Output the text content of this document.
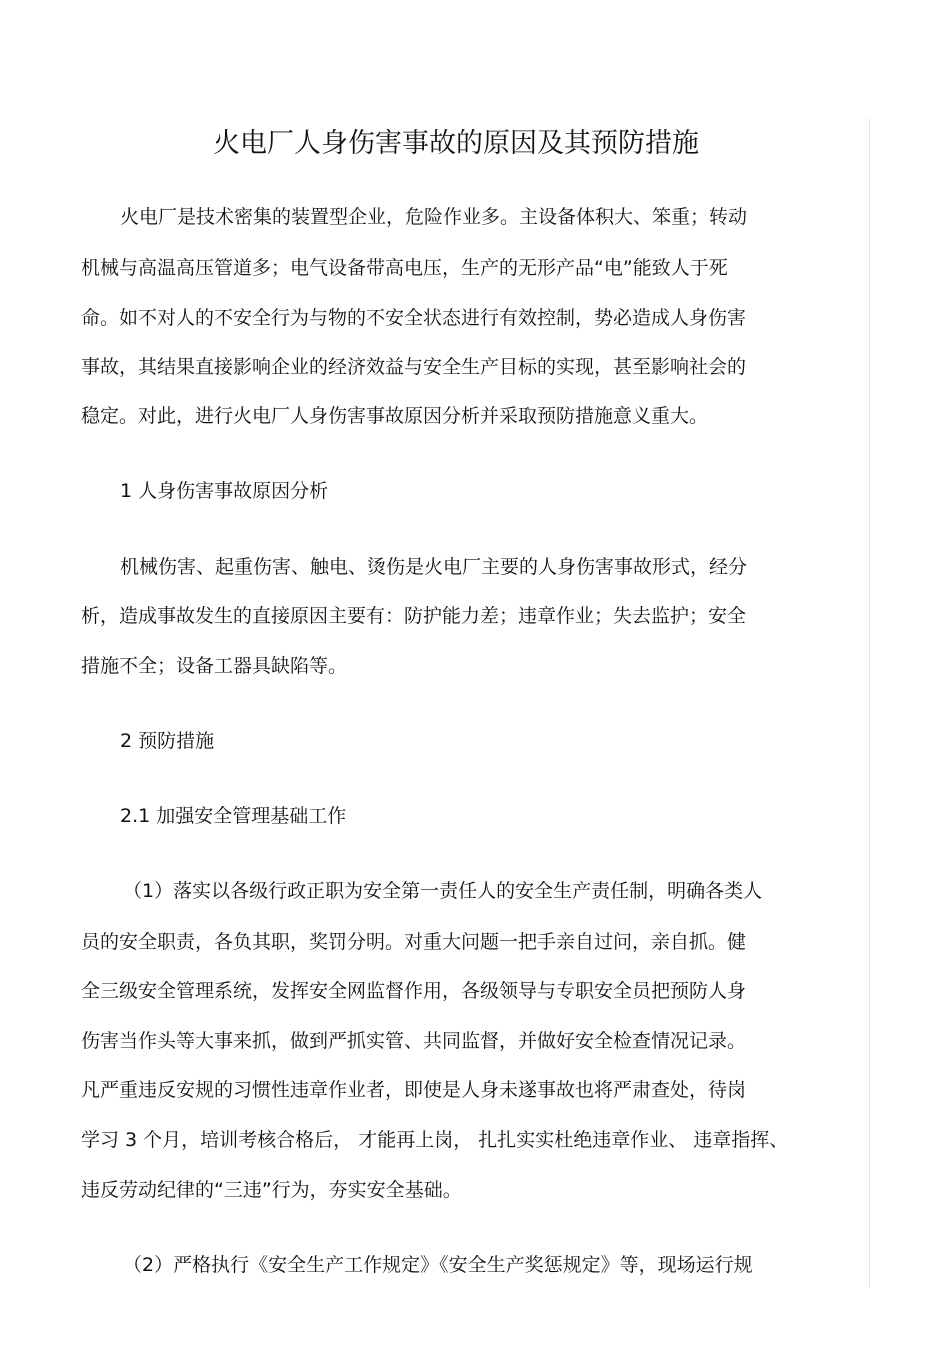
火电厂人身伤害事故的原因及其预防措施
火电厂是技术密集的装置型企业，危险作业多。主设备体积大、笨重；转动
机械与高温高压管道多；电气设备带高电压，生产的无形产品“电”能致人于死
命。如不对人的不安全行为与物的不安全状态进行有效控制，势必造成人身伤害
事故，其结果直接影响企业的经济效益与安全生产目标的实现，甚至影响社会的
稳定。对此，进行火电厂人身伤害事故原因分析并采取预防措施意义重大。
1 人身伤害事故原因分析
机械伤害、起重伤害、触电、烫伤是火电厂主要的人身伤害事故形式，经分
析，造成事故发生的直接原因主要有：防护能力差；违章作业；失去监护；安全
措施不全；设备工器具缺陷等。
2 预防措施
2.1 加强安全管理基础工作
（1）落实以各级行政正职为安全第一责任人的安全生产责任制，明确各类人
员的安全职责，各负其职，奖罚分明。对重大问题一把手亲自过问，亲自抓。健
全三级安全管理系统，发挥安全网监督作用，各级领导与专职安全员把预防人身
伤害当作头等大事来抓，做到严抓实管、共同监督，并做好安全检查情况记录。
凡严重违反安规的习惯性违章作业者，即使是人身未遂事故也将严肃查处，待岗
学习 3 个月，培训考核合格后， 才能再上岗， 扎扎实实杜绝违章作业、 违章指挥、
违反劳动纪律的“三违”行为，夯实安全基础。
（2）严格执行《安全生产工作规定》《安全生产奖惩规定》等，现场运行规
